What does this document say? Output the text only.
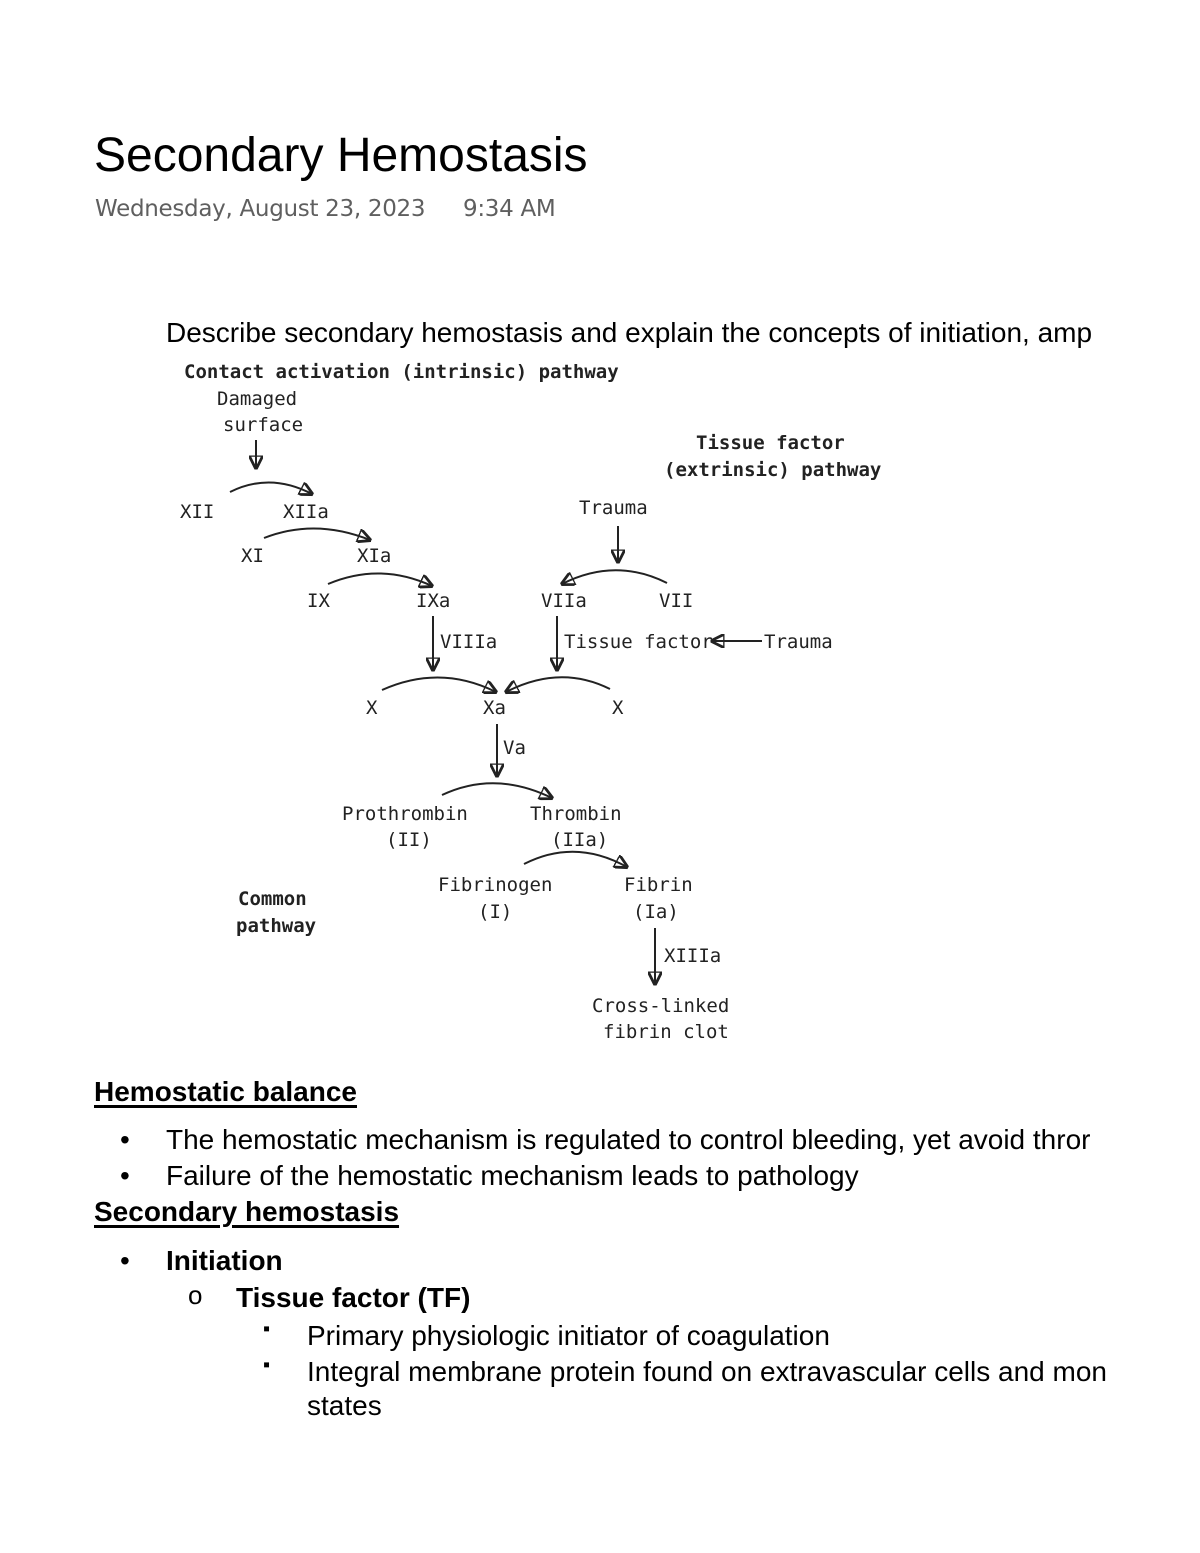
Secondary Hemostasis
Wednesday, August 23, 2023 9:34 AM
Describe secondary hemostasis and explain the concepts of initiation, amp
Contact activation (intrinsic) pathway
Damaged
surface
Tissue factor
(extrinsic) pathway
XII	XIIa
XI	XIa
Trauma
IX	IXa	VIIa	VII
VIIIa	Tissue factor	Trauma
X	Xa	X
Va
Prothrombin
(II)
Thrombin
(IIa)
Common
pathway
Fibrinogen
(I)
Fibrin
(Ia)
XIIIa
Cross-linked
fibrin clot
Hemostatic balance
• The hemostatic mechanism is regulated to control bleeding, yet avoid thror
• Failure of the hemostatic mechanism leads to pathology
Secondary hemostasis
• Initiation
o Tissue factor (TF)
▪ Primary physiologic initiator of coagulation
▪ Integral membrane protein found on extravascular cells and mon
states
